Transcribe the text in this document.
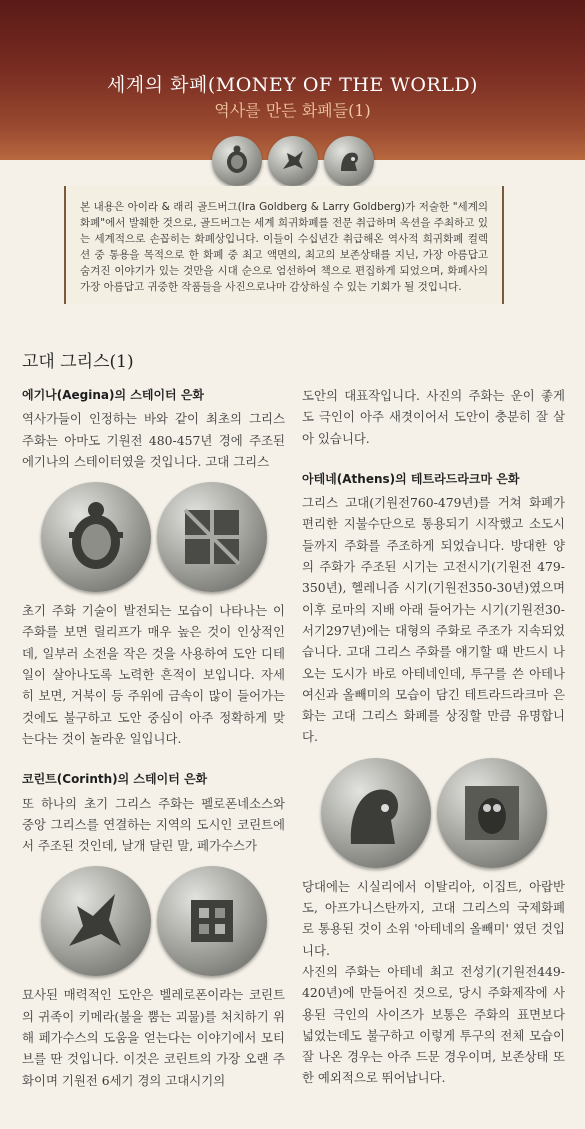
세계의 화폐(MONEY OF THE WORLD)
역사를 만든 화폐들(1)
본 내용은 아이라 & 래리 골드버그(Ira Goldberg & Larry Goldberg)가 저술한 "세계의 화폐"에서 발췌한 것으로, 골드버그는 세계 희귀화폐를 전문 취급하며 옥션을 주최하고 있는 세계적으로 손꼽히는 화폐상입니다. 이들이 수십년간 취급해온 역사적 희귀화폐 컬렉션 중 통용을 목적으로 한 화폐 중 최고 액면의, 최고의 보존상태를 지닌, 가장 아름답고 숨겨진 이야기가 있는 것만을 시대 순으로 엄선하여 책으로 편집하게 되었으며, 화폐사의 가장 아름답고 귀중한 작품들을 사진으로나마 감상하실 수 있는 기회가 될 것입니다.
고대 그리스(1)
에기나(Aegina)의 스테이터 은화

역사가들이 인정하는 바와 같이 최초의 그리스 주화는 아마도 기원전 480-457년 경에 주조된 에기나의 스테이터였을 것입니다. 고대 그리스

초기 주화 기술이 발전되는 모습이 나타나는 이 주화를 보면 릴리프가 매우 높은 것이 인상적인데, 일부러 소전을 작은 것을 사용하여 도안 디테일이 살아나도록 노력한 흔적이 보입니다. 자세히 보면, 거북이 등 주위에 금속이 많이 들어가는 것에도 불구하고 도안 중심이 아주 정확하게 맞는다는 것이 놀라운 일입니다.

코린트(Corinth)의 스테이터 은화

또 하나의 초기 그리스 주화는 펠로폰네소스와 중앙 그리스를 연결하는 지역의 도시인 코린트에서 주조된 것인데, 날개 달린 말, 페가수스가

묘사된 매력적인 도안은 벨레로폰이라는 코린트의 귀족이 키메라(불을 뿜는 괴물)를 처치하기 위해 페가수스의 도움을 얻는다는 이야기에서 모티브를 딴 것입니다. 이것은 코린트의 가장 오랜 주화이며 기원전 6세기 경의 고대시기의

도안의 대표작입니다. 사진의 주화는 운이 좋게도 극인이 아주 새겻이어서 도안이 충분히 잘 살아 있습니다.

아테네(Athens)의 테트라드라크마 은화

그리스 고대(기원전760-479년)를 거쳐 화폐가 편리한 지불수단으로 통용되기 시작했고 소도시들까지 주화를 주조하게 되었습니다. 방대한 양의 주화가 주조된 시기는 고전시기(기원전 479-350년), 헬레니즘 시기(기원전350-30년)였으며 이후 로마의 지배 아래 들어가는 시기(기원전30-서기297년)에는 대형의 주화로 주조가 지속되었습니다. 고대 그리스 주화를 얘기할 때 반드시 나오는 도시가 바로 아테네인데, 투구를 쓴 아테나 여신과 올빼미의 모습이 담긴 테트라드라크마 은화는 고대 그리스 화폐를 상징할 만큼 유명합니다.

당대에는 시실리에서 이탈리아, 이집트, 아랍반도, 아프가니스탄까지, 고대 그리스의 국제화폐로 통용된 것이 소위 '아테네의 올빼미' 였던 것입니다.

사진의 주화는 아테네 최고 전성기(기원전449-420년)에 만들어진 것으로, 당시 주화제작에 사용된 극인의 사이즈가 보통은 주화의 표면보다 넓었는데도 불구하고 이렇게 투구의 전체 모습이 잘 나온 경우는 아주 드문 경우이며, 보존상태 또한 예외적으로 뛰어납니다.
